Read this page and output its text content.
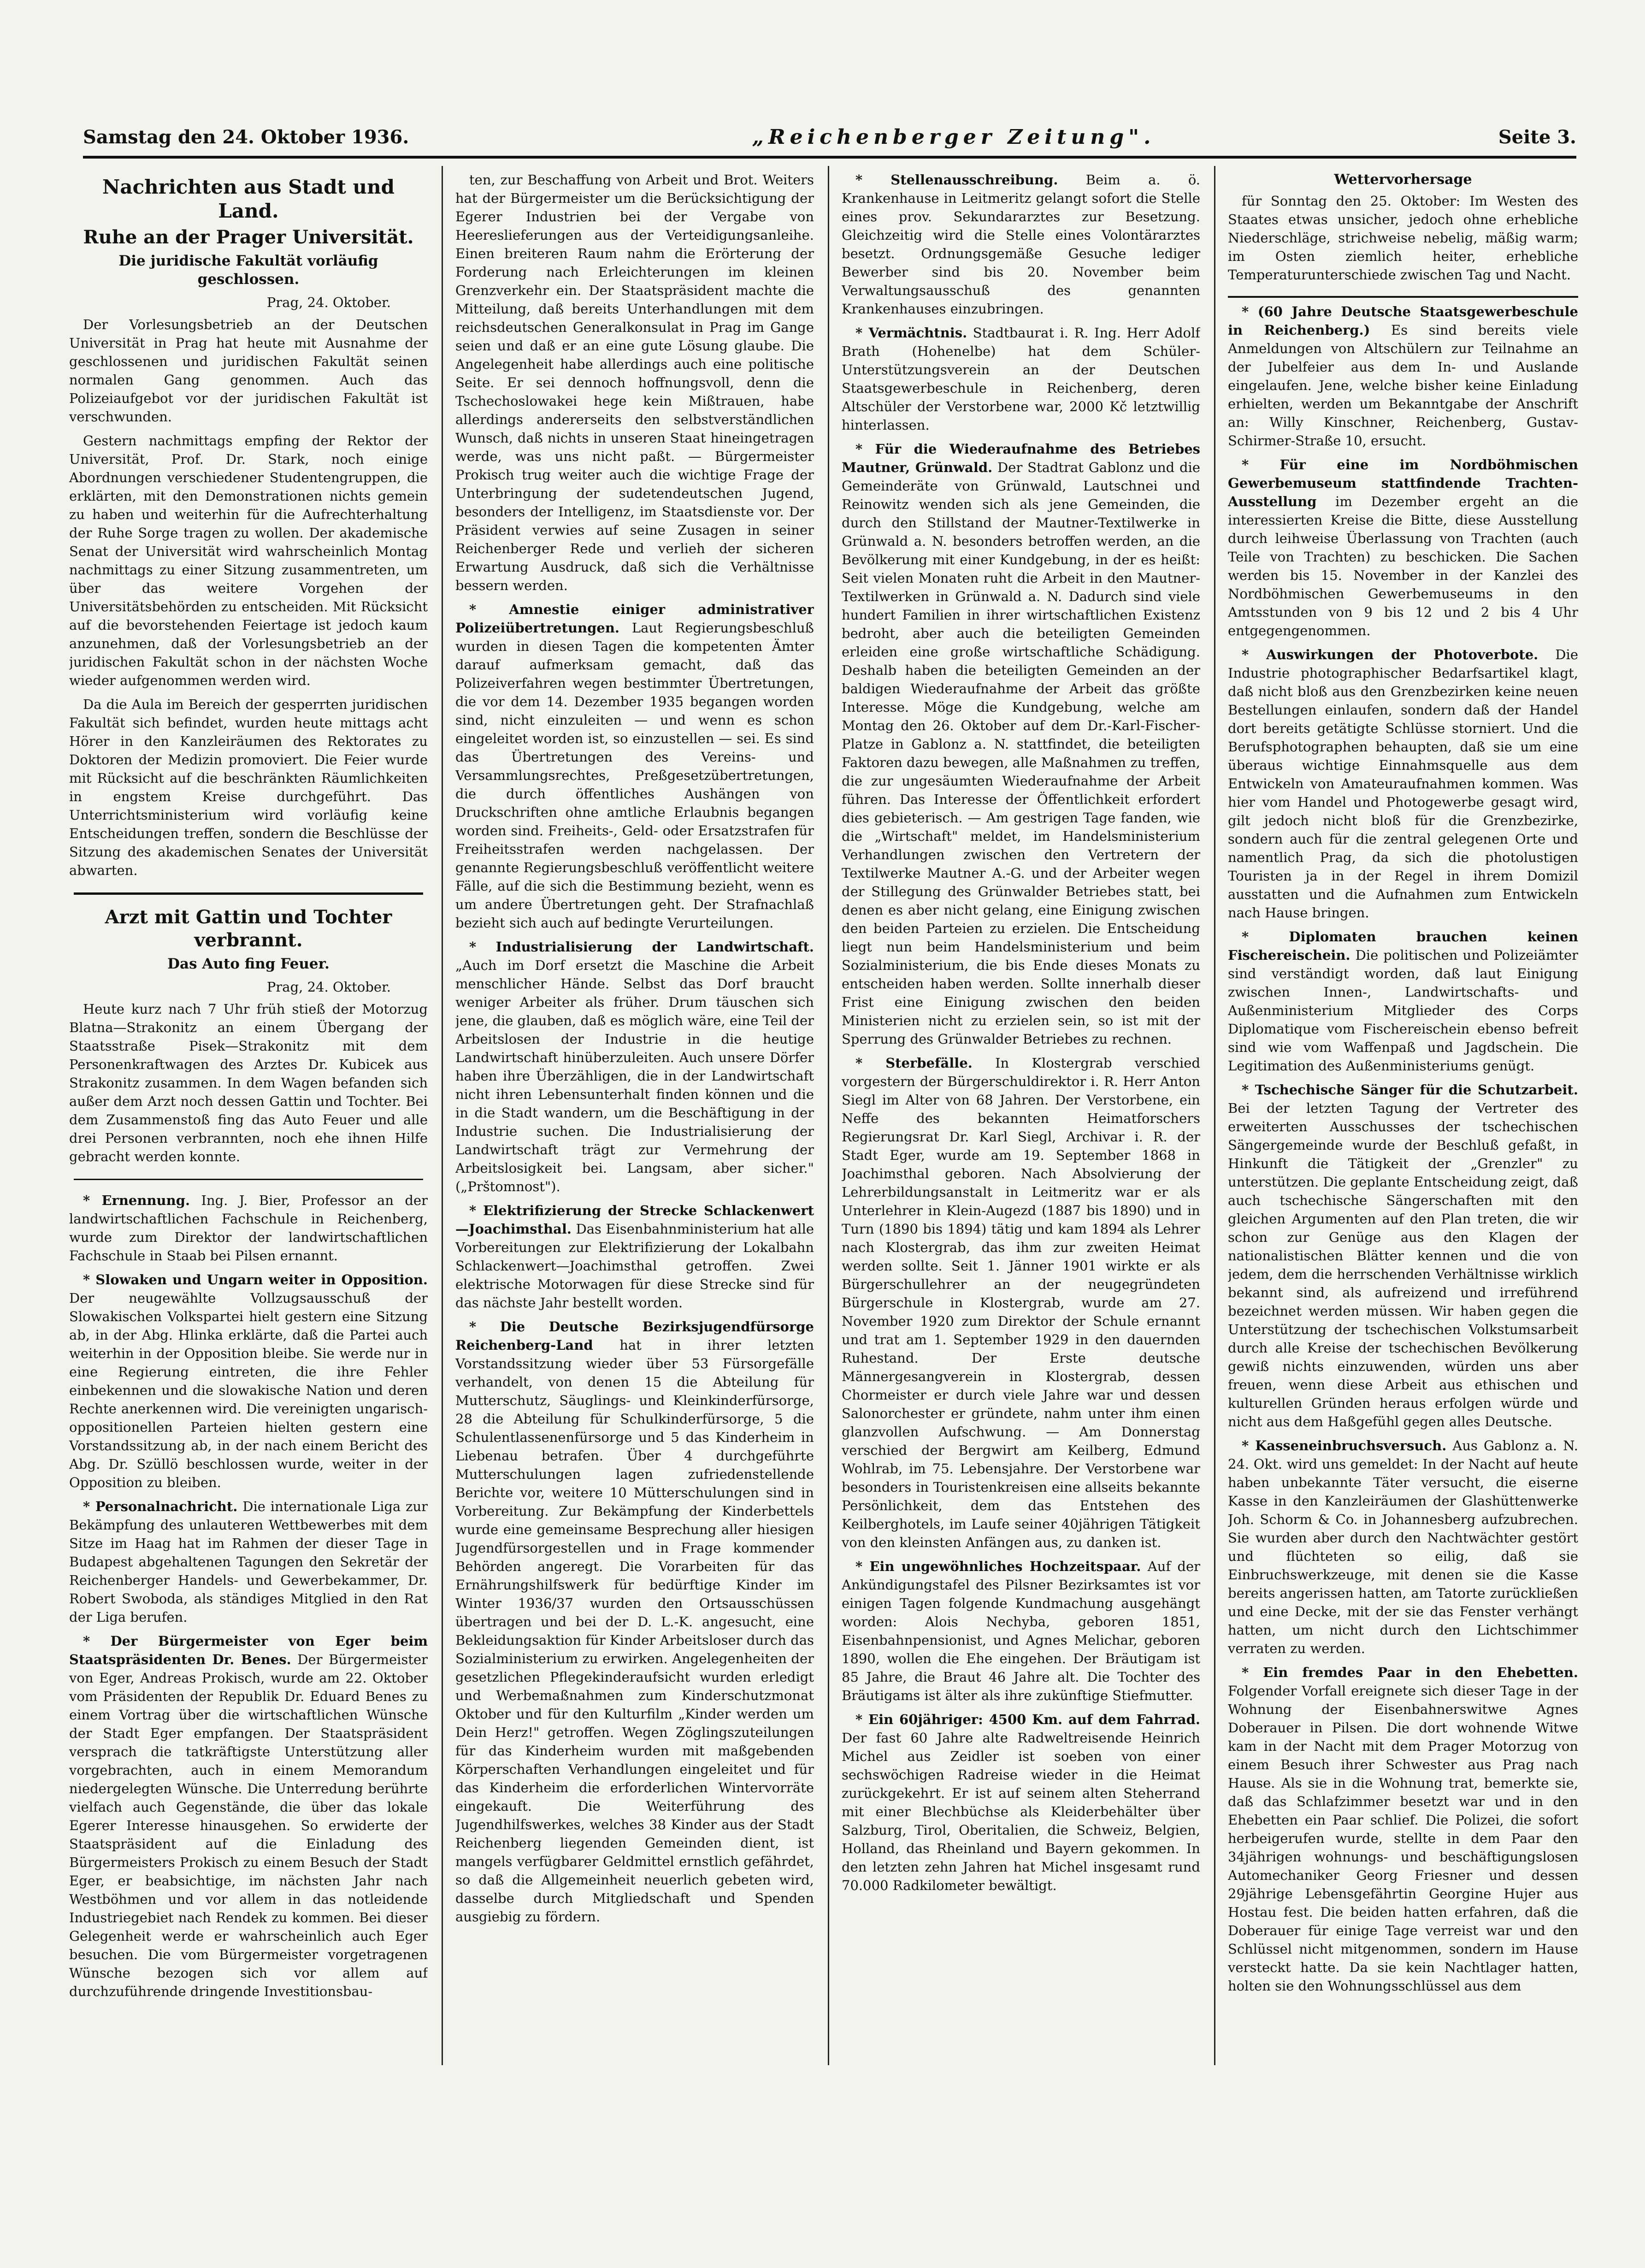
Samstag den 24. Oktober 1936.	„Reichenberger Zeitung".	Seite 3.
Nachrichten aus Stadt und Land.
Ruhe an der Prager Universität.
Die juridische Fakultät vorläufig geschlossen.
Prag, 24. Oktober.

Der Vorlesungsbetrieb an der Deutschen Universität in Prag hat heute mit Ausnahme der geschlossenen und juridischen Fakultät seinen normalen Gang genommen. Auch das Polizeiaufgebot vor der juridischen Fakultät ist verschwunden.

Gestern nachmittags empfing der Rektor der Universität, Prof. Dr. Stark, noch einige Abordnungen verschiedener Studentengruppen, die erklärten, mit den Demonstrationen nichts gemein zu haben und weiterhin für die Aufrechterhaltung der Ruhe Sorge tragen zu wollen. Der akademische Senat der Universität wird wahrscheinlich Montag nachmittags zu einer Sitzung zusammentreten, um über das weitere Vorgehen der Universitätsbehörden zu entscheiden. Mit Rücksicht auf die bevorstehenden Feiertage ist jedoch kaum anzunehmen, daß der Vorlesungsbetrieb an der juridischen Fakultät schon in der nächsten Woche wieder aufgenommen werden wird.

Da die Aula im Bereich der gesperrten juridischen Fakultät sich befindet, wurden heute mittags acht Hörer in den Kanzleiräumen des Rektorates zu Doktoren der Medizin promoviert. Die Feier wurde mit Rücksicht auf die beschränkten Räumlichkeiten in engstem Kreise durchgeführt. Das Unterrichtsministerium wird vorläufig keine Entscheidungen treffen, sondern die Beschlüsse der Sitzung des akademischen Senates der Universität abwarten.

Arzt mit Gattin und Tochter verbrannt.
Das Auto fing Feuer.
Prag, 24. Oktober.

Heute kurz nach 7 Uhr früh stieß der Motorzug Blatna—Strakonitz an einem Übergang der Staatsstraße Pisek—Strakonitz mit dem Personenkraftwagen des Arztes Dr. Kubicek aus Strakonitz zusammen. In dem Wagen befanden sich außer dem Arzt noch dessen Gattin und Tochter. Bei dem Zusammenstoß fing das Auto Feuer und alle drei Personen verbrannten, noch ehe ihnen Hilfe gebracht werden konnte.

* Ernennung. Ing. J. Bier, Professor an der landwirtschaftlichen Fachschule in Reichenberg, wurde zum Direktor der landwirtschaftlichen Fachschule in Staab bei Pilsen ernannt.

* Slowaken und Ungarn weiter in Opposition. Der neugewählte Vollzugsausschuß der Slowakischen Volkspartei hielt gestern eine Sitzung ab, in der Abg. Hlinka erklärte, daß die Partei auch weiterhin in der Opposition bleibe. Sie werde nur in eine Regierung eintreten, die ihre Fehler einbekennen und die slowakische Nation und deren Rechte anerkennen wird. Die vereinigten ungarisch-oppositionellen Parteien hielten gestern eine Vorstandssitzung ab, in der nach einem Bericht des Abg. Dr. Szüllö beschlossen wurde, weiter in der Opposition zu bleiben.

* Personalnachricht. Die internationale Liga zur Bekämpfung des unlauteren Wettbewerbes mit dem Sitze im Haag hat im Rahmen der dieser Tage in Budapest abgehaltenen Tagungen den Sekretär der Reichenberger Handels- und Gewerbekammer, Dr. Robert Swoboda, als ständiges Mitglied in den Rat der Liga berufen.

* Der Bürgermeister von Eger beim Staatspräsidenten Dr. Benes. Der Bürgermeister von Eger, Andreas Prokisch, wurde am 22. Oktober vom Präsidenten der Republik Dr. Eduard Benes zu einem Vortrag über die wirtschaftlichen Wünsche der Stadt Eger empfangen. Der Staatspräsident versprach die tatkräftigste Unterstützung aller vorgebrachten, auch in einem Memorandum niedergelegten Wünsche. Die Unterredung berührte vielfach auch Gegenstände, die über das lokale Egerer Interesse hinausgehen. So erwiderte der Staatspräsident auf die Einladung des Bürgermeisters Prokisch zu einem Besuch der Stadt Eger, er beabsichtige, im nächsten Jahr nach Westböhmen und vor allem in das notleidende Industriegebiet nach Rendek zu kommen. Bei dieser Gelegenheit werde er wahrscheinlich auch Eger besuchen. Die vom Bürgermeister vorgetragenen Wünsche bezogen sich vor allem auf durchzuführende dringende Investitionsbau-

ten, zur Beschaffung von Arbeit und Brot. Weiters hat der Bürgermeister um die Berücksichtigung der Egerer Industrien bei der Vergabe von Heereslieferungen aus der Verteidigungsanleihe. Einen breiteren Raum nahm die Erörterung der Forderung nach Erleichterungen im kleinen Grenzverkehr ein. Der Staatspräsident machte die Mitteilung, daß bereits Unterhandlungen mit dem reichsdeutschen Generalkonsulat in Prag im Gange seien und daß er an eine gute Lösung glaube. Die Angelegenheit habe allerdings auch eine politische Seite. Er sei dennoch hoffnungsvoll, denn die Tschechoslowakei hege kein Mißtrauen, habe allerdings andererseits den selbstverständlichen Wunsch, daß nichts in unseren Staat hineingetragen werde, was uns nicht paßt. — Bürgermeister Prokisch trug weiter auch die wichtige Frage der Unterbringung der sudetendeutschen Jugend, besonders der Intelligenz, im Staatsdienste vor. Der Präsident verwies auf seine Zusagen in seiner Reichenberger Rede und verlieh der sicheren Erwartung Ausdruck, daß sich die Verhältnisse bessern werden.

* Amnestie einiger administrativer Polizeiübertretungen. Laut Regierungsbeschluß wurden in diesen Tagen die kompetenten Ämter darauf aufmerksam gemacht, daß das Polizeiverfahren wegen bestimmter Übertretungen, die vor dem 14. Dezember 1935 begangen worden sind, nicht einzuleiten — und wenn es schon eingeleitet worden ist, so einzustellen — sei. Es sind das Übertretungen des Vereins- und Versammlungsrechtes, Preßgesetzübertretungen, die durch öffentliches Aushängen von Druckschriften ohne amtliche Erlaubnis begangen worden sind. Freiheits-, Geld- oder Ersatzstrafen für Freiheitsstrafen werden nachgelassen. Der genannte Regierungsbeschluß veröffentlicht weitere Fälle, auf die sich die Bestimmung bezieht, wenn es um andere Übertretungen geht. Der Strafnachlaß bezieht sich auch auf bedingte Verurteilungen.

* Industrialisierung der Landwirtschaft. „Auch im Dorf ersetzt die Maschine die Arbeit menschlicher Hände. Selbst das Dorf braucht weniger Arbeiter als früher. Drum täuschen sich jene, die glauben, daß es möglich wäre, eine Teil der Arbeitslosen der Industrie in die heutige Landwirtschaft hinüberzuleiten. Auch unsere Dörfer haben ihre Überzähligen, die in der Landwirtschaft nicht ihren Lebensunterhalt finden können und die in die Stadt wandern, um die Beschäftigung in der Industrie suchen. Die Industrialisierung der Landwirtschaft trägt zur Vermehrung der Arbeitslosigkeit bei. Langsam, aber sicher." („Prštomnost").

* Elektrifizierung der Strecke Schlackenwert—Joachimsthal. Das Eisenbahnministerium hat alle Vorbereitungen zur Elektrifizierung der Lokalbahn Schlackenwert—Joachimsthal getroffen. Zwei elektrische Motorwagen für diese Strecke sind für das nächste Jahr bestellt worden.

* Die Deutsche Bezirksjugendfürsorge Reichenberg-Land hat in ihrer letzten Vorstandssitzung wieder über 53 Fürsorgefälle verhandelt, von denen 15 die Abteilung für Mutterschutz, Säuglings- und Kleinkinderfürsorge, 28 die Abteilung für Schulkinderfürsorge, 5 die Schulentlassenenfürsorge und 5 das Kinderheim in Liebenau betrafen. Über 4 durchgeführte Mutterschulungen lagen zufriedenstellende Berichte vor, weitere 10 Mütterschulungen sind in Vorbereitung. Zur Bekämpfung der Kinderbettels wurde eine gemeinsame Besprechung aller hiesigen Jugendfürsorgestellen und in Frage kommender Behörden angeregt. Die Vorarbeiten für das Ernährungshilfswerk für bedürftige Kinder im Winter 1936/37 wurden den Ortsausschüssen übertragen und bei der D. L.-K. angesucht, eine Bekleidungsaktion für Kinder Arbeitsloser durch das Sozialministerium zu erwirken. Angelegenheiten der gesetzlichen Pflegekinderaufsicht wurden erledigt und Werbemaßnahmen zum Kinderschutzmonat Oktober und für den Kulturfilm „Kinder werden um Dein Herz!" getroffen. Wegen Zöglingszuteilungen für das Kinderheim wurden mit maßgebenden Körperschaften Verhandlungen eingeleitet und für das Kinderheim die erforderlichen Wintervorräte eingekauft. Die Weiterführung des Jugendhilfswerkes, welches 38 Kinder aus der Stadt Reichenberg liegenden Gemeinden dient, ist mangels verfügbarer Geldmittel ernstlich gefährdet, so daß die Allgemeinheit neuerlich gebeten wird, dasselbe durch Mitgliedschaft und Spenden ausgiebig zu fördern.

* Stellenausschreibung. Beim a. ö. Krankenhause in Leitmeritz gelangt sofort die Stelle eines prov. Sekundararztes zur Besetzung. Gleichzeitig wird die Stelle eines Volontärarztes besetzt. Ordnungsgemäße Gesuche lediger Bewerber sind bis 20. November beim Verwaltungsausschuß des genannten Krankenhauses einzubringen.

* Vermächtnis. Stadtbaurat i. R. Ing. Herr Adolf Brath (Hohenelbe) hat dem Schüler-Unterstützungsverein an der Deutschen Staatsgewerbeschule in Reichenberg, deren Altschüler der Verstorbene war, 2000 Kč letztwillig hinterlassen.

* Für die Wiederaufnahme des Betriebes Mautner, Grünwald. Der Stadtrat Gablonz und die Gemeinderäte von Grünwald, Lautschnei und Reinowitz wenden sich als jene Gemeinden, die durch den Stillstand der Mautner-Textilwerke in Grünwald a. N. besonders betroffen werden, an die Bevölkerung mit einer Kundgebung, in der es heißt: Seit vielen Monaten ruht die Arbeit in den Mautner-Textilwerken in Grünwald a. N. Dadurch sind viele hundert Familien in ihrer wirtschaftlichen Existenz bedroht, aber auch die beteiligten Gemeinden erleiden eine große wirtschaftliche Schädigung. Deshalb haben die beteiligten Gemeinden an der baldigen Wiederaufnahme der Arbeit das größte Interesse. Möge die Kundgebung, welche am Montag den 26. Oktober auf dem Dr.-Karl-Fischer-Platze in Gablonz a. N. stattfindet, die beteiligten Faktoren dazu bewegen, alle Maßnahmen zu treffen, die zur ungesäumten Wiederaufnahme der Arbeit führen. Das Interesse der Öffentlichkeit erfordert dies gebieterisch. — Am gestrigen Tage fanden, wie die „Wirtschaft" meldet, im Handelsministerium Verhandlungen zwischen den Vertretern der Textilwerke Mautner A.-G. und der Arbeiter wegen der Stillegung des Grünwalder Betriebes statt, bei denen es aber nicht gelang, eine Einigung zwischen den beiden Parteien zu erzielen. Die Entscheidung liegt nun beim Handelsministerium und beim Sozialministerium, die bis Ende dieses Monats zu entscheiden haben werden. Sollte innerhalb dieser Frist eine Einigung zwischen den beiden Ministerien nicht zu erzielen sein, so ist mit der Sperrung des Grünwalder Betriebes zu rechnen.

* Sterbefälle. In Klostergrab verschied vorgestern der Bürgerschuldirektor i. R. Herr Anton Siegl im Alter von 68 Jahren. Der Verstorbene, ein Neffe des bekannten Heimatforschers Regierungsrat Dr. Karl Siegl, Archivar i. R. der Stadt Eger, wurde am 19. September 1868 in Joachimsthal geboren. Nach Absolvierung der Lehrerbildungsanstalt in Leitmeritz war er als Unterlehrer in Klein-Augezd (1887 bis 1890) und in Turn (1890 bis 1894) tätig und kam 1894 als Lehrer nach Klostergrab, das ihm zur zweiten Heimat werden sollte. Seit 1. Jänner 1901 wirkte er als Bürgerschullehrer an der neugegründeten Bürgerschule in Klostergrab, wurde am 27. November 1920 zum Direktor der Schule ernannt und trat am 1. September 1929 in den dauernden Ruhestand. Der Erste deutsche Männergesangverein in Klostergrab, dessen Chormeister er durch viele Jahre war und dessen Salonorchester er gründete, nahm unter ihm einen glanzvollen Aufschwung. — Am Donnerstag verschied der Bergwirt am Keilberg, Edmund Wohlrab, im 75. Lebensjahre. Der Verstorbene war besonders in Touristenkreisen eine allseits bekannte Persönlichkeit, dem das Entstehen des Keilberghotels, im Laufe seiner 40jährigen Tätigkeit von den kleinsten Anfängen aus, zu danken ist.

* Ein ungewöhnliches Hochzeitspaar. Auf der Ankündigungstafel des Pilsner Bezirksamtes ist vor einigen Tagen folgende Kundmachung ausgehängt worden: Alois Nechyba, geboren 1851, Eisenbahnpensionist, und Agnes Melichar, geboren 1890, wollen die Ehe eingehen. Der Bräutigam ist 85 Jahre, die Braut 46 Jahre alt. Die Tochter des Bräutigams ist älter als ihre zukünftige Stiefmutter.

* Ein 60jähriger: 4500 Km. auf dem Fahrrad. Der fast 60 Jahre alte Radweltreisende Heinrich Michel aus Zeidler ist soeben von einer sechswöchigen Radreise wieder in die Heimat zurückgekehrt. Er ist auf seinem alten Steherrand mit einer Blechbüchse als Kleiderbehälter über Salzburg, Tirol, Oberitalien, die Schweiz, Belgien, Holland, das Rheinland und Bayern gekommen. In den letzten zehn Jahren hat Michel insgesamt rund 70.000 Radkilometer bewältigt.

Wettervorhersage

für Sonntag den 25. Oktober: Im Westen des Staates etwas unsicher, jedoch ohne erhebliche Niederschläge, strichweise nebelig, mäßig warm; im Osten ziemlich heiter, erhebliche Temperaturunterschiede zwischen Tag und Nacht.

* (60 Jahre Deutsche Staatsgewerbeschule in Reichenberg.) Es sind bereits viele Anmeldungen von Altschülern zur Teilnahme an der Jubelfeier aus dem In- und Auslande eingelaufen. Jene, welche bisher keine Einladung erhielten, werden um Bekanntgabe der Anschrift an: Willy Kinschner, Reichenberg, Gustav-Schirmer-Straße 10, ersucht.

* Für eine im Nordböhmischen Gewerbemuseum stattfindende Trachten-Ausstellung im Dezember ergeht an die interessierten Kreise die Bitte, diese Ausstellung durch leihweise Überlassung von Trachten (auch Teile von Trachten) zu beschicken. Die Sachen werden bis 15. November in der Kanzlei des Nordböhmischen Gewerbemuseums in den Amtsstunden von 9 bis 12 und 2 bis 4 Uhr entgegengenommen.

* Auswirkungen der Photoverbote. Die Industrie photographischer Bedarfsartikel klagt, daß nicht bloß aus den Grenzbezirken keine neuen Bestellungen einlaufen, sondern daß der Handel dort bereits getätigte Schlüsse storniert. Und die Berufsphotographen behaupten, daß sie um eine überaus wichtige Einnahmsquelle aus dem Entwickeln von Amateuraufnahmen kommen. Was hier vom Handel und Photogewerbe gesagt wird, gilt jedoch nicht bloß für die Grenzbezirke, sondern auch für die zentral gelegenen Orte und namentlich Prag, da sich die photolustigen Touristen ja in der Regel in ihrem Domizil ausstatten und die Aufnahmen zum Entwickeln nach Hause bringen.

* Diplomaten brauchen keinen Fischereischein. Die politischen und Polizeiämter sind verständigt worden, daß laut Einigung zwischen Innen-, Landwirtschafts- und Außenministerium Mitglieder des Corps Diplomatique vom Fischereischein ebenso befreit sind wie vom Waffenpaß und Jagdschein. Die Legitimation des Außenministeriums genügt.

* Tschechische Sänger für die Schutzarbeit. Bei der letzten Tagung der Vertreter des erweiterten Ausschusses der tschechischen Sängergemeinde wurde der Beschluß gefaßt, in Hinkunft die Tätigkeit der „Grenzler" zu unterstützen. Die geplante Entscheidung zeigt, daß auch tschechische Sängerschaften mit den gleichen Argumenten auf den Plan treten, die wir schon zur Genüge aus den Klagen der nationalistischen Blätter kennen und die von jedem, dem die herrschenden Verhältnisse wirklich bekannt sind, als aufreizend und irreführend bezeichnet werden müssen. Wir haben gegen die Unterstützung der tschechischen Volkstumsarbeit durch alle Kreise der tschechischen Bevölkerung gewiß nichts einzuwenden, würden uns aber freuen, wenn diese Arbeit aus ethischen und kulturellen Gründen heraus erfolgen würde und nicht aus dem Haßgefühl gegen alles Deutsche.

* Kasseneinbruchsversuch. Aus Gablonz a. N. 24. Okt. wird uns gemeldet: In der Nacht auf heute haben unbekannte Täter versucht, die eiserne Kasse in den Kanzleiräumen der Glashüttenwerke Joh. Schorm & Co. in Johannesberg aufzubrechen. Sie wurden aber durch den Nachtwächter gestört und flüchteten so eilig, daß sie Einbruchswerkzeuge, mit denen sie die Kasse bereits angerissen hatten, am Tatorte zurückließen und eine Decke, mit der sie das Fenster verhängt hatten, um nicht durch den Lichtschimmer verraten zu werden.

* Ein fremdes Paar in den Ehebetten. Folgender Vorfall ereignete sich dieser Tage in der Wohnung der Eisenbahnerswitwe Agnes Doberauer in Pilsen. Die dort wohnende Witwe kam in der Nacht mit dem Prager Motorzug von einem Besuch ihrer Schwester aus Prag nach Hause. Als sie in die Wohnung trat, bemerkte sie, daß das Schlafzimmer besetzt war und in den Ehebetten ein Paar schlief. Die Polizei, die sofort herbeigerufen wurde, stellte in dem Paar den 34jährigen wohnungs- und beschäftigungslosen Automechaniker Georg Friesner und dessen 29jährige Lebensgefährtin Georgine Hujer aus Hostau fest. Die beiden hatten erfahren, daß die Doberauer für einige Tage verreist war und den Schlüssel nicht mitgenommen, sondern im Hause versteckt hatte. Da sie kein Nachtlager hatten, holten sie den Wohnungsschlüssel aus dem
